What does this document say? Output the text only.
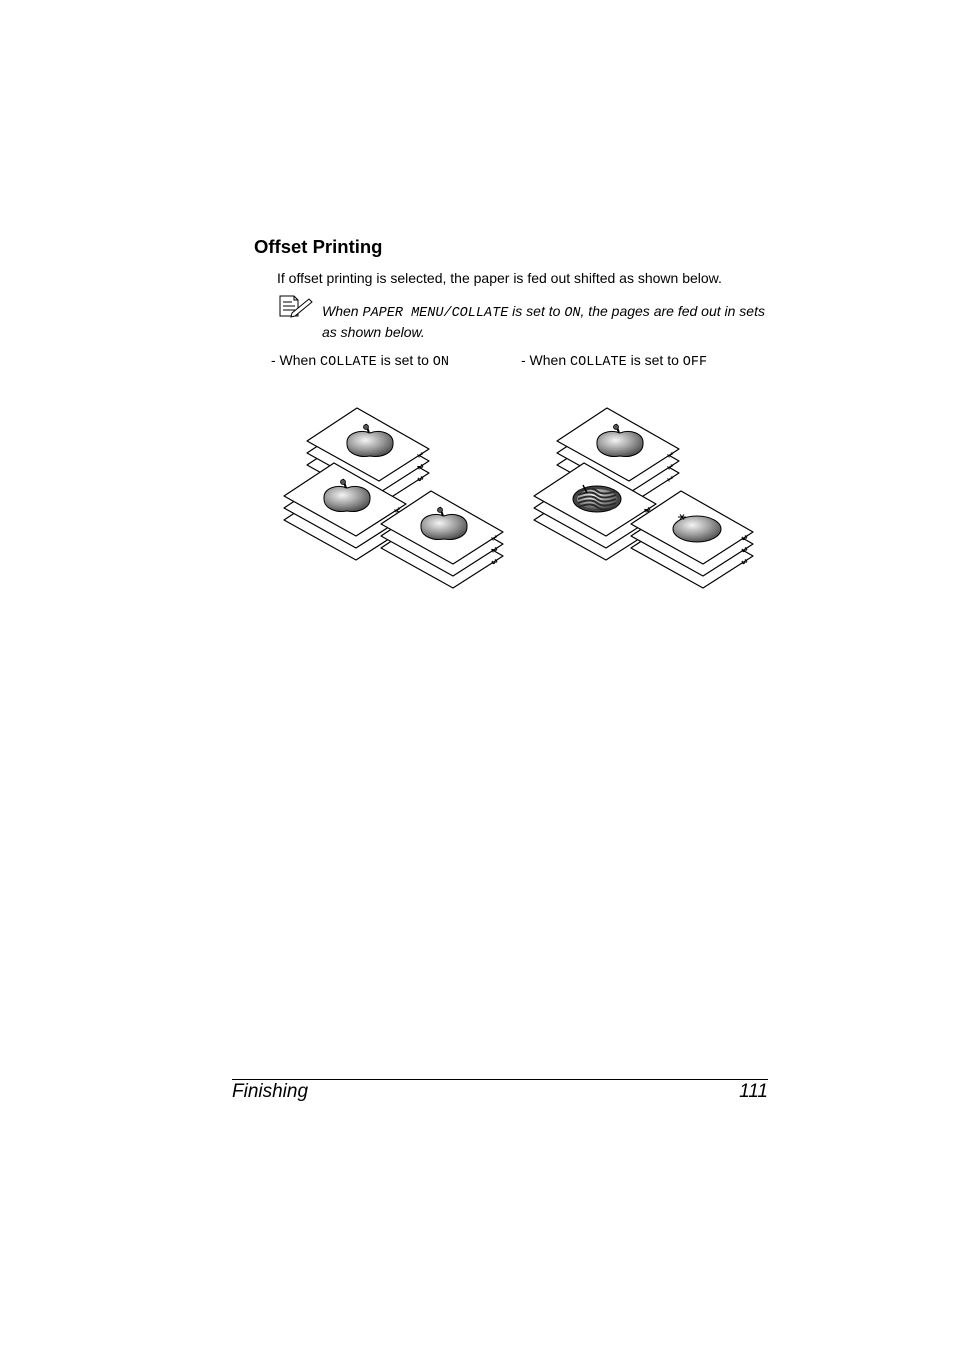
Offset Printing

If offset printing is selected, the paper is fed out shifted as shown below.

When PAPER MENU/COLLATE is set to ON, the pages are fed out in sets as shown below.

- When COLLATE is set to ON	- When COLLATE is set to OFF
3
2
1
1
3
2
1
1
1
1
2
3
3
3
Finishing	111
